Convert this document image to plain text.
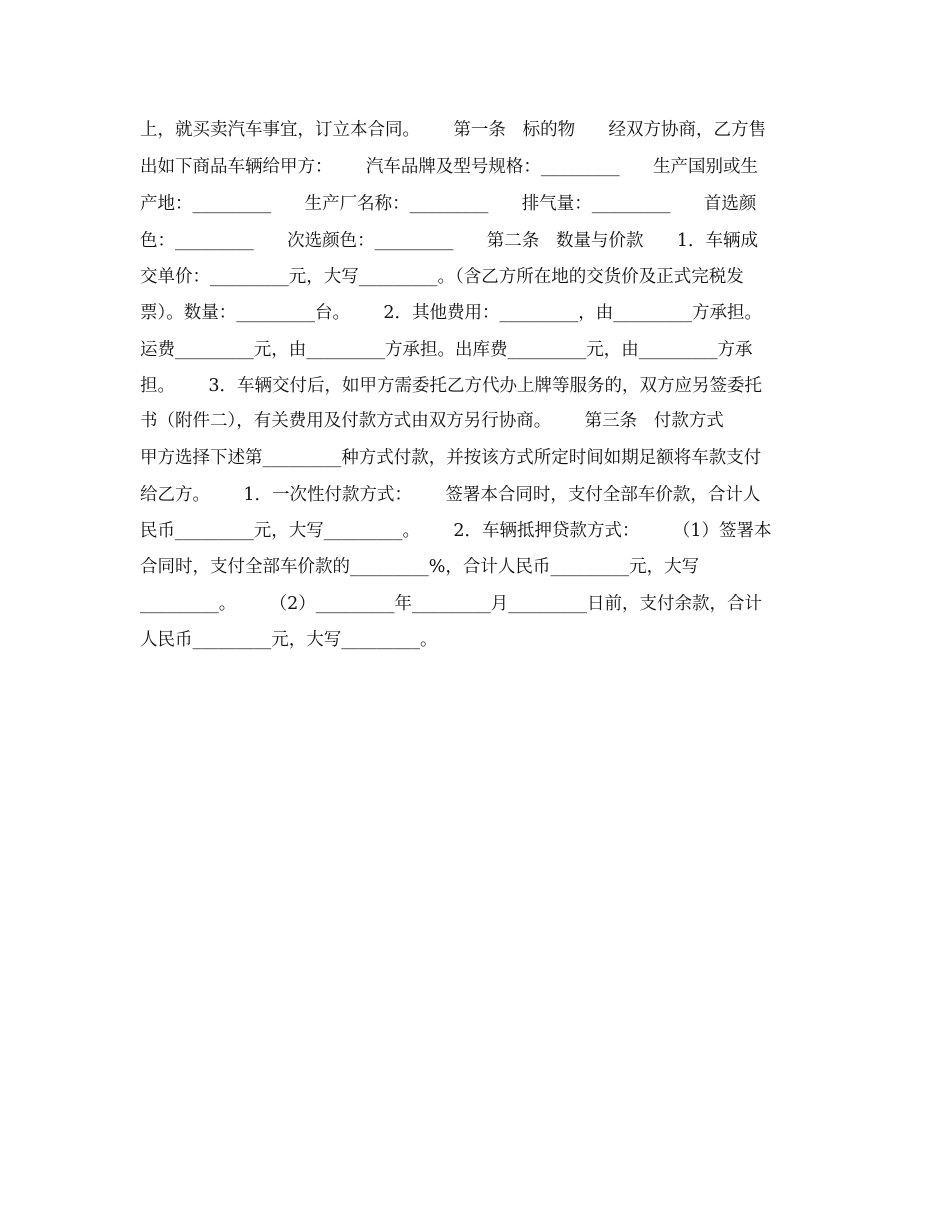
上，就买卖汽车事宜，订立本合同。      第一条   标的物      经双方协商，乙方售
出如下商品车辆给甲方：      汽车品牌及型号规格：_________      生产国别或生
产地：_________      生产厂名称：_________      排气量：_________      首选颜
色：_________      次选颜色：_________      第二条   数量与价款      1．车辆成
交单价：_________元，大写_________。（含乙方所在地的交货价及正式完税发
票）。数量：_________台。      2．其他费用：_________，由_________方承担。
运费_________元，由_________方承担。出库费_________元，由_________方承
担。      3．车辆交付后，如甲方需委托乙方代办上牌等服务的，双方应另签委托
书（附件二），有关费用及付款方式由双方另行协商。      第三条   付款方式
甲方选择下述第_________种方式付款，并按该方式所定时间如期足额将车款支付
给乙方。      1．一次性付款方式：      签署本合同时，支付全部车价款，合计人
民币_________元，大写_________。      2．车辆抵押贷款方式：      （1）签署本
合同时，支付全部车价款的_________%，合计人民币_________元，大写
_________。      （2）_________年_________月_________日前，支付余款，合计
人民币_________元，大写_________。
